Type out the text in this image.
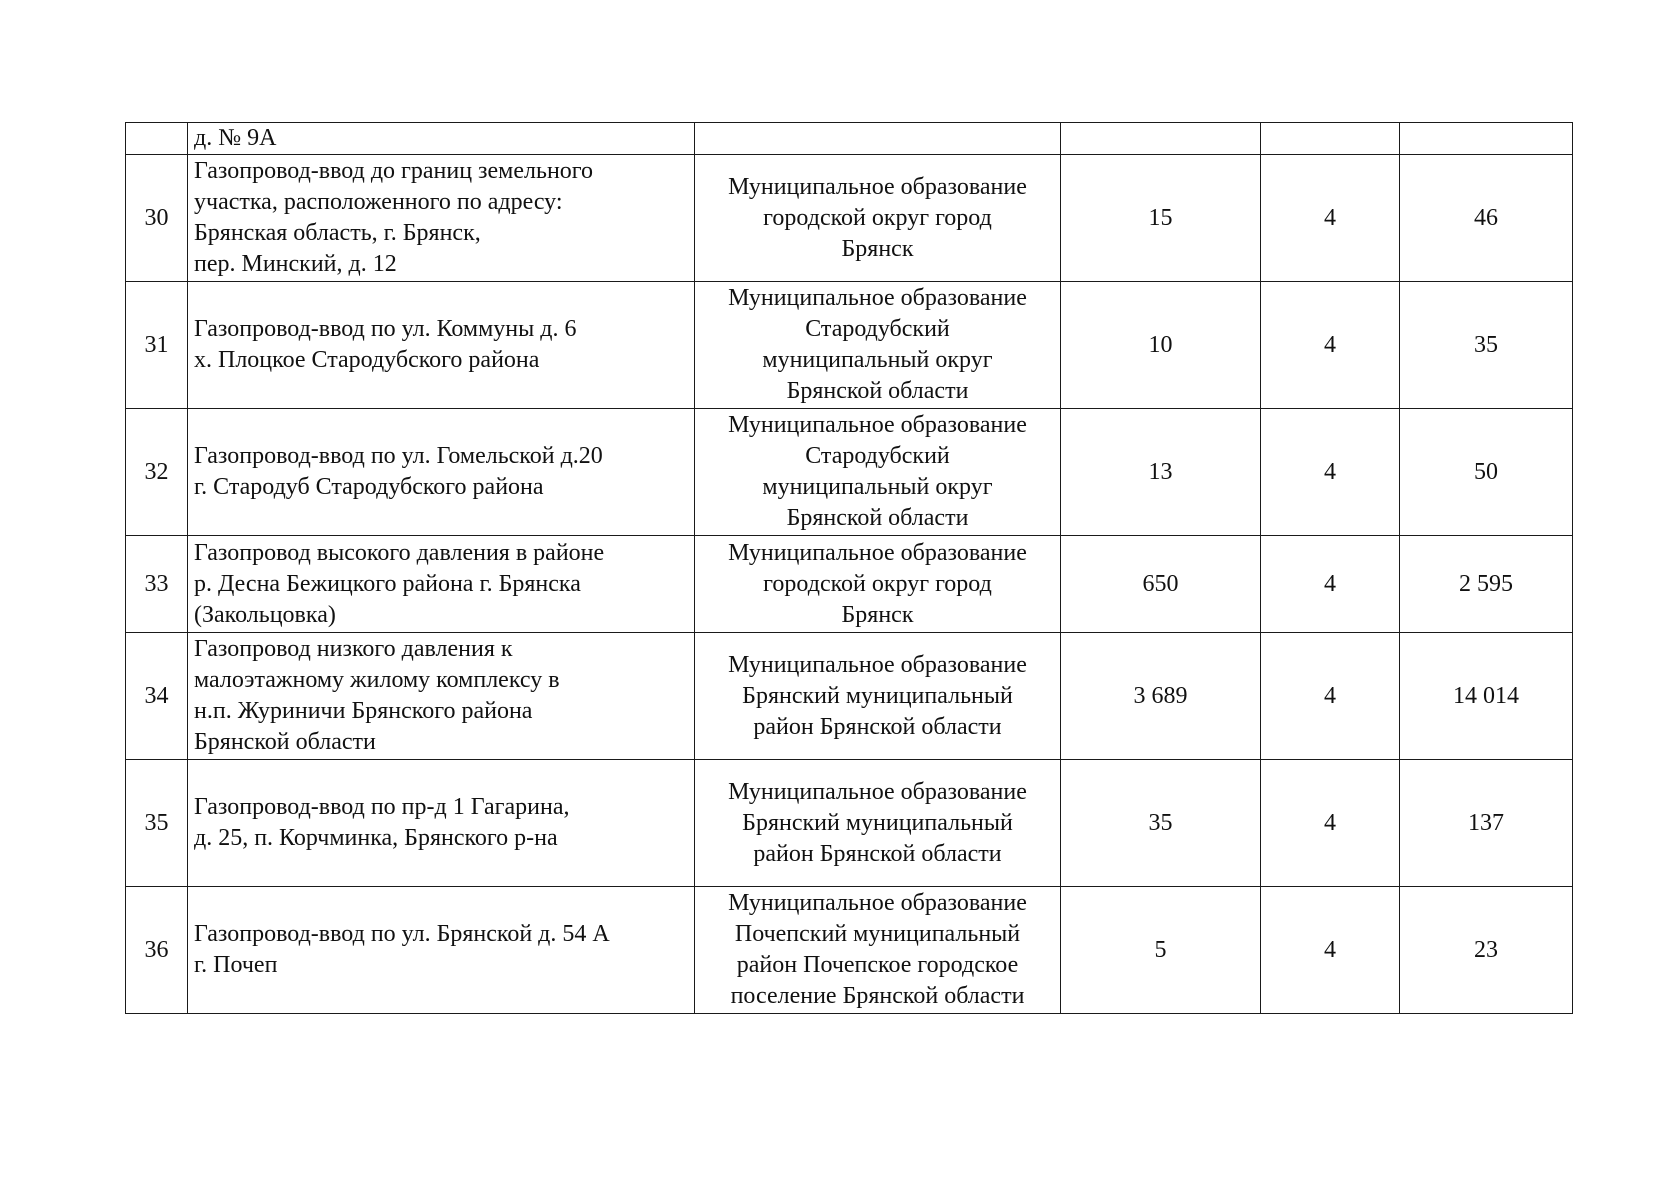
	д. № 9А				

30	Газопровод-ввод до границ земельного
участка, расположенного по адресу:
Брянская область, г. Брянск,
пер. Минский, д. 12	Муниципальное образование
городской округ город
Брянск	15	4	46
31	Газопровод-ввод по ул. Коммуны д. 6
х. Плоцкое Стародубского района	Муниципальное образование
Стародубский
муниципальный округ
Брянской области	10	4	35
32	Газопровод-ввод по ул. Гомельской д.20
г. Стародуб Стародубского района	Муниципальное образование
Стародубский
муниципальный округ
Брянской области	13	4	50
33	Газопровод высокого давления в районе
р. Десна Бежицкого района г. Брянска
(Закольцовка)	Муниципальное образование
городской округ город
Брянск	650	4	2 595
34	Газопровод низкого давления к
малоэтажному жилому комплексу в
н.п. Журиничи Брянского района
Брянской области	Муниципальное образование
Брянский муниципальный
район Брянской области	3 689	4	14 014
35	Газопровод-ввод по пр-д 1 Гагарина,
д. 25, п. Корчминка, Брянского р-на	Муниципальное образование
Брянский муниципальный
район Брянской области	35	4	137
36	Газопровод-ввод по ул. Брянской д. 54 А
г. Почеп	Муниципальное образование
Почепский муниципальный
район Почепское городское
поселение Брянской области	5	4	23
